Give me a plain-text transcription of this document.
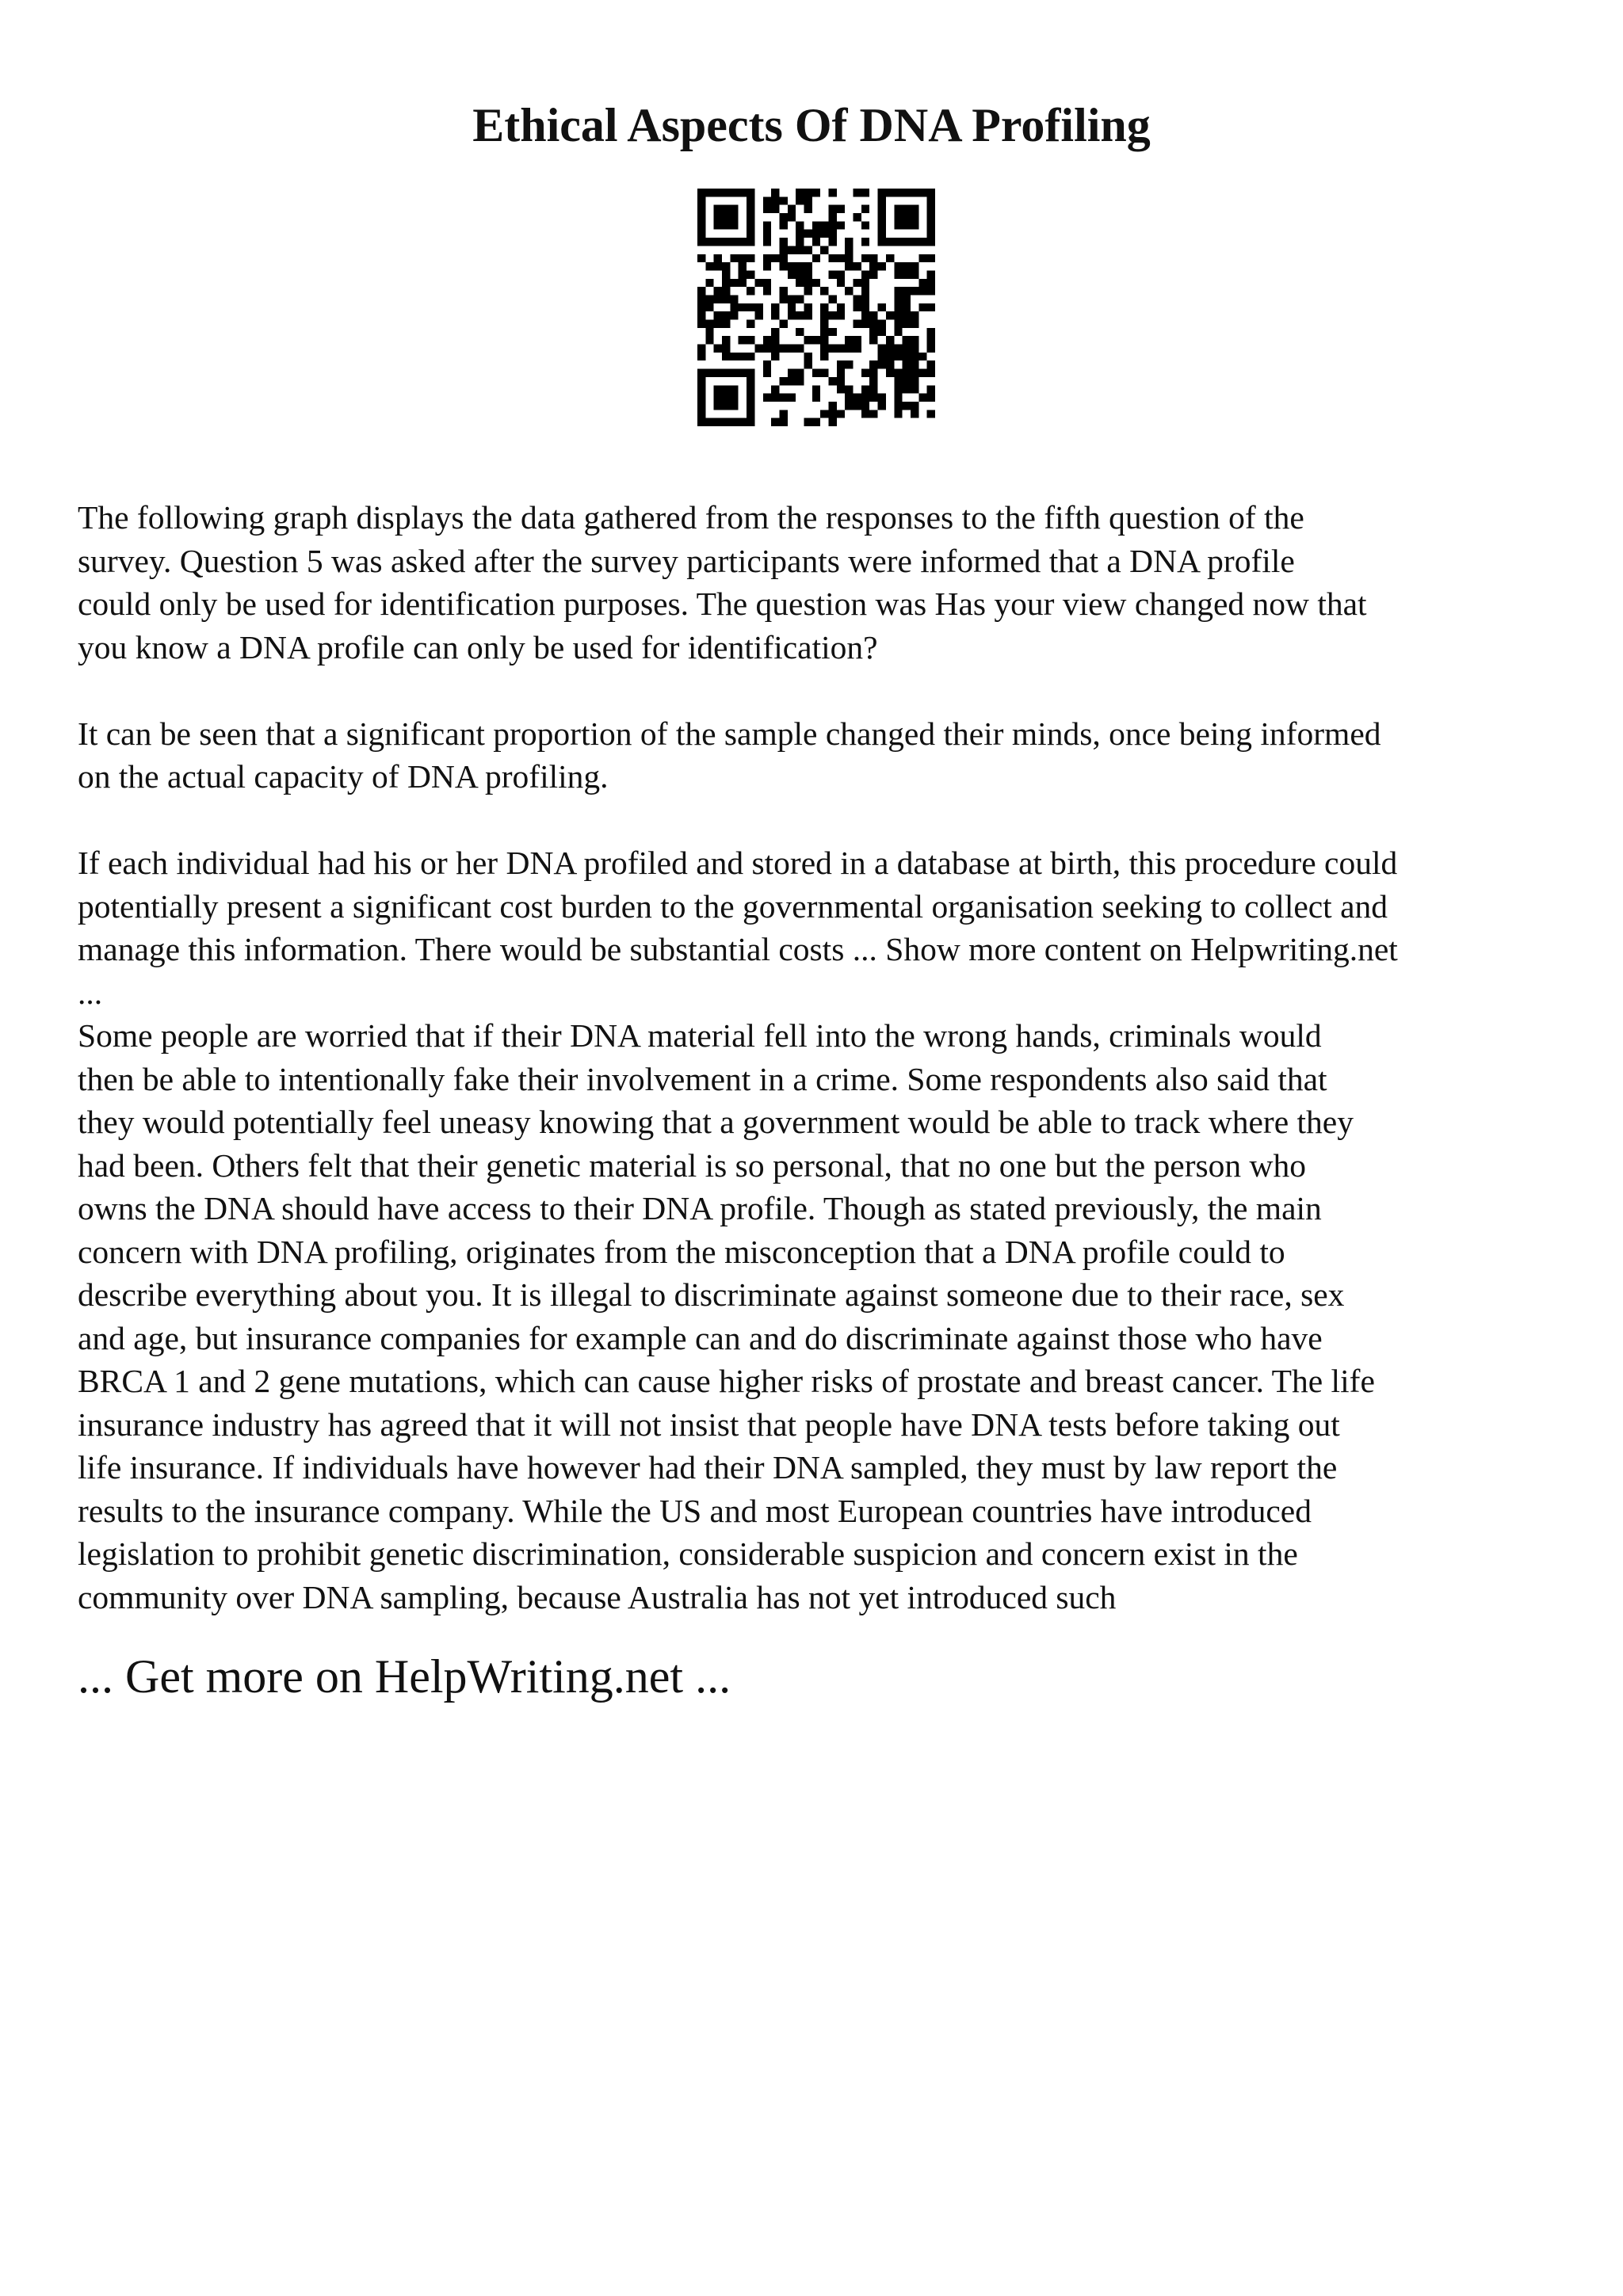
Ethical Aspects Of DNA Profiling

The following graph displays the data gathered from the responses to the fifth question of the
survey. Question 5 was asked after the survey participants were informed that a DNA profile
could only be used for identification purposes. The question was Has your view changed now that
you know a DNA profile can only be used for identification?

It can be seen that a significant proportion of the sample changed their minds, once being informed
on the actual capacity of DNA profiling.

If each individual had his or her DNA profiled and stored in a database at birth, this procedure could
potentially present a significant cost burden to the governmental organisation seeking to collect and
manage this information. There would be substantial costs ... Show more content on Helpwriting.net
...

Some people are worried that if their DNA material fell into the wrong hands, criminals would
then be able to intentionally fake their involvement in a crime. Some respondents also said that
they would potentially feel uneasy knowing that a government would be able to track where they
had been. Others felt that their genetic material is so personal, that no one but the person who
owns the DNA should have access to their DNA profile. Though as stated previously, the main
concern with DNA profiling, originates from the misconception that a DNA profile could to
describe everything about you. It is illegal to discriminate against someone due to their race, sex
and age, but insurance companies for example can and do discriminate against those who have
BRCA 1 and 2 gene mutations, which can cause higher risks of prostate and breast cancer. The life
insurance industry has agreed that it will not insist that people have DNA tests before taking out
life insurance. If individuals have however had their DNA sampled, they must by law report the
results to the insurance company. While the US and most European countries have introduced
legislation to prohibit genetic discrimination, considerable suspicion and concern exist in the
community over DNA sampling, because Australia has not yet introduced such

... Get more on HelpWriting.net ...
